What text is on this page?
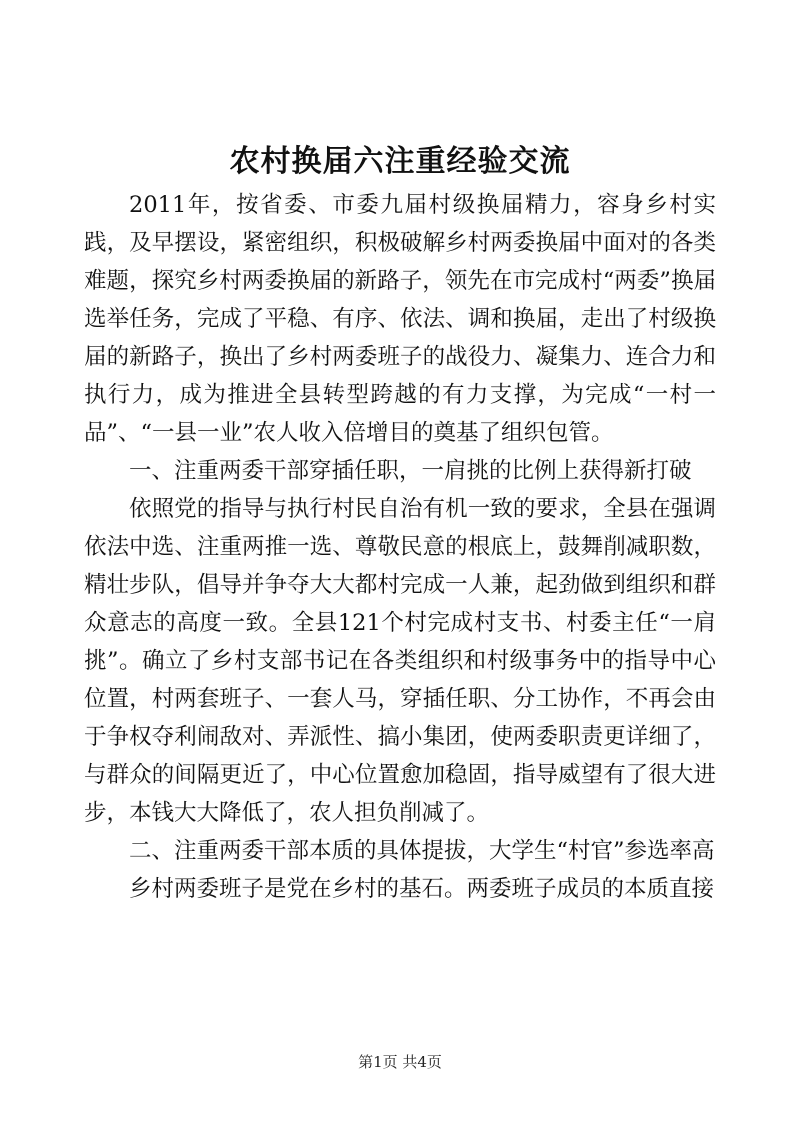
农村换届六注重经验交流

2011年，按省委、市委九届村级换届精力，容身乡村实践，及早摆设，紧密组织，积极破解乡村两委换届中面对的各类难题，探究乡村两委换届的新路子，领先在市完成村“两委”换届选举任务，完成了平稳、有序、依法、调和换届，走出了村级换届的新路子，换出了乡村两委班子的战役力、凝集力、连合力和执行力，成为推进全县转型跨越的有力支撑，为完成“一村一品”、“一县一业”农人收入倍增目的奠基了组织包管。

一、注重两委干部穿插任职，一肩挑的比例上获得新打破

依照党的指导与执行村民自治有机一致的要求，全县在强调依法中选、注重两推一选、尊敬民意的根底上，鼓舞削减职数，精壮步队，倡导并争夺大大都村完成一人兼，起劲做到组织和群众意志的高度一致。全县121个村完成村支书、村委主任“一肩挑”。确立了乡村支部书记在各类组织和村级事务中的指导中心位置，村两套班子、一套人马，穿插任职、分工协作，不再会由于争权夺利闹敌对、弄派性、搞小集团，使两委职责更详细了，与群众的间隔更近了，中心位置愈加稳固，指导威望有了很大进步，本钱大大降低了，农人担负削减了。

二、注重两委干部本质的具体提拔，大学生“村官”参选率高

乡村两委班子是党在乡村的基石。两委班子成员的本质直接

第1页 共4页
